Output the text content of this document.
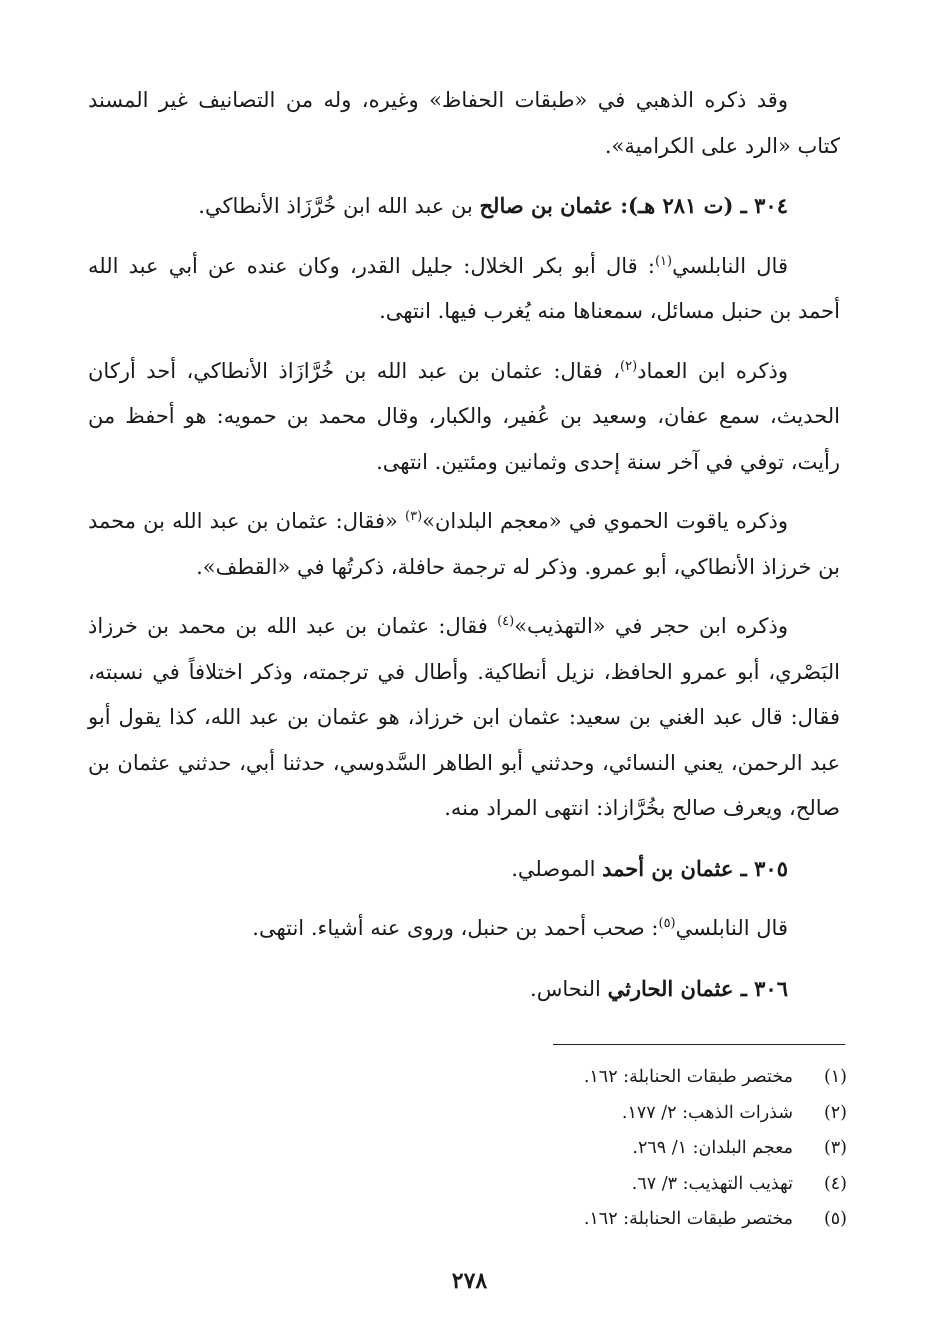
وقد ذكره الذهبي في «طبقات الحفاظ» وغيره، وله من التصانيف غير المسند كتاب «الرد على الكرامية».

٣٠٤ ـ (ت ٢٨١ هـ): عثمان بن صالح بن عبد الله ابن خُرَّزَاذ الأنطاكي.

قال النابلسي$^{(١)}$: قال أبو بكر الخلال: جليل القدر، وكان عنده عن أبي عبد الله أحمد بن حنبل مسائل، سمعناها منه يُغرب فيها. انتهى.

وذكره ابن العماد$^{(٢)}$، فقال: عثمان بن عبد الله بن خُرَّازَاذ الأنطاكي، أحد أركان الحديث، سمع عفان، وسعيد بن عُفير، والكبار، وقال محمد بن حمويه: هو أحفظ من رأيت، توفي في آخر سنة إحدى وثمانين ومئتين. انتهى.

وذكره ياقوت الحموي في «معجم البلدان»$^{(٣)}$ «فقال: عثمان بن عبد الله بن محمد بن خرزاذ الأنطاكي، أبو عمرو. وذكر له ترجمة حافلة، ذكرتُها في «القطف».

وذكره ابن حجر في «التهذيب»$^{(٤)}$ فقال: عثمان بن عبد الله بن محمد بن خرزاذ البَصْري، أبو عمرو الحافظ، نزيل أنطاكية. وأطال في ترجمته، وذكر اختلافاً في نسبته، فقال: قال عبد الغني بن سعيد: عثمان ابن خرزاذ، هو عثمان بن عبد الله، كذا يقول أبو عبد الرحمن، يعني النسائي، وحدثني أبو الطاهر السَّدوسي، حدثنا أبي، حدثني عثمان بن صالح، ويعرف صالح بخُرَّازاذ: انتهى المراد منه.

٣٠٥ ـ عثمان بن أحمد الموصلي.

قال النابلسي$^{(٥)}$: صحب أحمد بن حنبل، وروى عنه أشياء. انتهى.

٣٠٦ ـ عثمان الحارثي النحاس.

(١)مختصر طبقات الحنابلة: ١٦٢.
(٢)شذرات الذهب: ٢/ ١٧٧.
(٣)معجم البلدان: ١/ ٢٦٩.
(٤)تهذيب التهذيب: ٣/ ٦٧.
(٥)مختصر طبقات الحنابلة: ١٦٢.
٢٧٨
